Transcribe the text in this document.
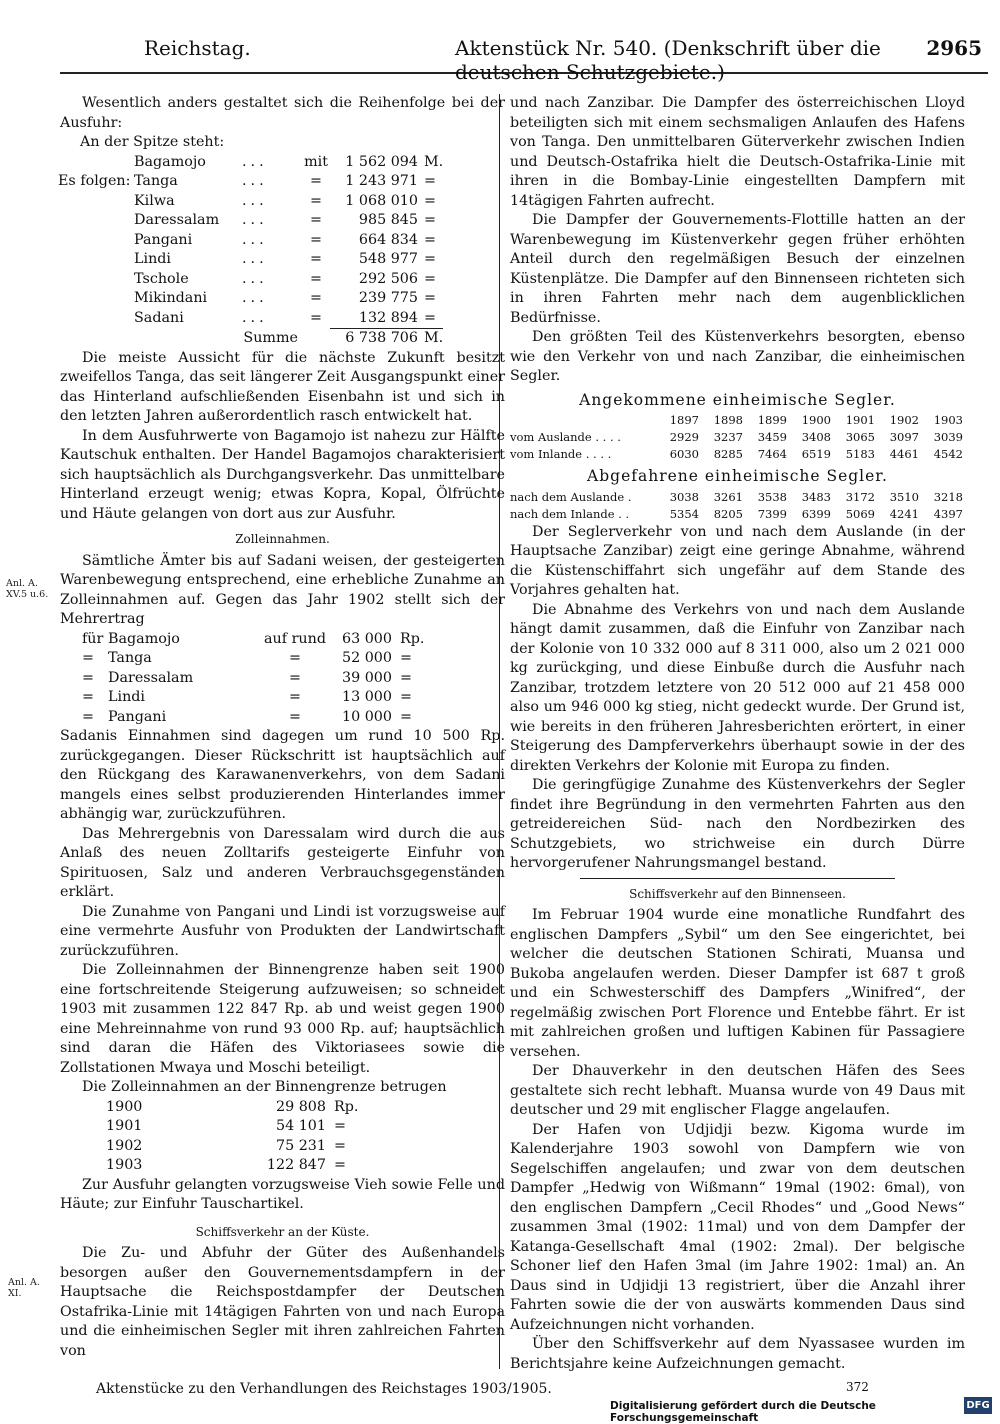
Reichstag.	Aktenstück Nr. 540. (Denkschrift über die deutschen Schutzgebiete.)
2965

Wesentlich anders gestaltet sich die Reihenfolge bei der Ausfuhr:

An der Spitze steht:
	Bagamojo	...	mit	1 562 094	M.
Es folgen:	Tanga	...	=	1 243 971	=
	Kilwa	...	=	1 068 010	=
	Daressalam	...	=	985 845	=
	Pangani	...	=	664 834	=
	Lindi	...	=	548 977	=
	Tschole	...	=	292 506	=
	Mikindani	...	=	239 775	=
	Sadani	...	=	132 894	=
Summe				6 738 706	M.

Die meiste Aussicht für die nächste Zukunft besitzt zweifellos Tanga, das seit längerer Zeit Ausgangspunkt einer das Hinterland aufschließenden Eisenbahn ist und sich in den letzten Jahren außerordentlich rasch entwickelt hat.

In dem Ausfuhrwerte von Bagamojo ist nahezu zur Hälfte Kautschuk enthalten. Der Handel Bagamojos charakterisiert sich hauptsächlich als Durchgangsverkehr. Das unmittelbare Hinterland erzeugt wenig; etwas Kopra, Kopal, Ölfrüchte und Häute gelangen von dort aus zur Ausfuhr.

Zolleinnahmen.

Sämtliche Ämter bis auf Sadani weisen, der gesteigerten Warenbewegung entsprechend, eine erhebliche Zunahme an Zolleinnahmen auf. Gegen das Jahr 1902 stellt sich der Mehrertrag

für	Bagamojo	auf rund	63 000	Rp.
=	Tanga	=	52 000	=
=	Daressalam	=	39 000	=
=	Lindi	=	13 000	=
=	Pangani	=	10 000	=

Sadanis Einnahmen sind dagegen um rund 10 500 Rp. zurückgegangen. Dieser Rückschritt ist hauptsächlich auf den Rückgang des Karawanenverkehrs, von dem Sadani mangels eines selbst produzierenden Hinterlandes immer abhängig war, zurückzuführen.

Das Mehrergebnis von Daressalam wird durch die aus Anlaß des neuen Zolltarifs gesteigerte Einfuhr von Spirituosen, Salz und anderen Verbrauchsgegenständen erklärt.

Die Zunahme von Pangani und Lindi ist vorzugsweise auf eine vermehrte Ausfuhr von Produkten der Landwirtschaft zurückzuführen.

Die Zolleinnahmen der Binnengrenze haben seit 1900 eine fortschreitende Steigerung aufzuweisen; so schneidet 1903 mit zusammen 122 847 Rp. ab und weist gegen 1900 eine Mehreinnahme von rund 93 000 Rp. auf; hauptsächlich sind daran die Häfen des Viktoriasees sowie die Zollstationen Mwaya und Moschi beteiligt.

Die Zolleinnahmen an der Binnengrenze betrugen

1900	29 808	Rp.
1901	54 101	=
1902	75 231	=
1903	122 847	=

Zur Ausfuhr gelangten vorzugsweise Vieh sowie Felle und Häute; zur Einfuhr Tauschartikel.

Schiffsverkehr an der Küste.

Die Zu- und Abfuhr der Güter des Außenhandels besorgen außer den Gouvernementsdampfern in der Hauptsache die Reichspostdampfer der Deutschen Ostafrika-Linie mit 14tägigen Fahrten von und nach Europa und die einheimischen Segler mit ihren zahlreichen Fahrten von

Anl. A. XV.5 u.6.
Anl. A. XI.

und nach Zanzibar. Die Dampfer des österreichischen Lloyd beteiligten sich mit einem sechsmaligen Anlaufen des Hafens von Tanga. Den unmittelbaren Güterverkehr zwischen Indien und Deutsch-Ostafrika hielt die Deutsch-Ostafrika-Linie mit ihren in die Bombay-Linie eingestellten Dampfern mit 14tägigen Fahrten aufrecht.

Die Dampfer der Gouvernements-Flottille hatten an der Warenbewegung im Küstenverkehr gegen früher erhöhten Anteil durch den regelmäßigen Besuch der einzelnen Küstenplätze. Die Dampfer auf den Binnenseen richteten sich in ihren Fahrten mehr nach dem augenblicklichen Bedürfnisse.

Den größten Teil des Küstenverkehrs besorgten, ebenso wie den Verkehr von und nach Zanzibar, die einheimischen Segler.

Angekommene einheimische Segler.
	1897	1898	1899	1900	1901	1902	1903
vom Auslande . . . .	2929	3237	3459	3408	3065	3097	3039
vom Inlande . . . .	6030	8285	7464	6519	5183	4461	4542
Abgefahrene einheimische Segler.
nach dem Auslande .	3038	3261	3538	3483	3172	3510	3218
nach dem Inlande . .	5354	8205	7399	6399	5069	4241	4397

Der Seglerverkehr von und nach dem Auslande (in der Hauptsache Zanzibar) zeigt eine geringe Abnahme, während die Küstenschiffahrt sich ungefähr auf dem Stande des Vorjahres gehalten hat.

Die Abnahme des Verkehrs von und nach dem Auslande hängt damit zusammen, daß die Einfuhr von Zanzibar nach der Kolonie von 10 332 000 auf 8 311 000, also um 2 021 000 kg zurückging, und diese Einbuße durch die Ausfuhr nach Zanzibar, trotzdem letztere von 20 512 000 auf 21 458 000 also um 946 000 kg stieg, nicht gedeckt wurde. Der Grund ist, wie bereits in den früheren Jahresberichten erörtert, in einer Steigerung des Dampferverkehrs überhaupt sowie in der des direkten Verkehrs der Kolonie mit Europa zu finden.

Die geringfügige Zunahme des Küstenverkehrs der Segler findet ihre Begründung in den vermehrten Fahrten aus den getreidereichen Süd- nach den Nordbezirken des Schutzgebiets, wo strichweise ein durch Dürre hervorgerufener Nahrungsmangel bestand.

Schiffsverkehr auf den Binnenseen.

Im Februar 1904 wurde eine monatliche Rundfahrt des englischen Dampfers „Sybil“ um den See eingerichtet, bei welcher die deutschen Stationen Schirati, Muansa und Bukoba angelaufen werden. Dieser Dampfer ist 687 t groß und ein Schwesterschiff des Dampfers „Winifred“, der regelmäßig zwischen Port Florence und Entebbe fährt. Er ist mit zahlreichen großen und luftigen Kabinen für Passagiere versehen.

Der Dhauverkehr in den deutschen Häfen des Sees gestaltete sich recht lebhaft. Muansa wurde von 49 Daus mit deutscher und 29 mit englischer Flagge angelaufen.

Der Hafen von Udjidji bezw. Kigoma wurde im Kalenderjahre 1903 sowohl von Dampfern wie von Segelschiffen angelaufen; und zwar von dem deutschen Dampfer „Hedwig von Wißmann“ 19mal (1902: 6mal), von den englischen Dampfern „Cecil Rhodes“ und „Good News“ zusammen 3mal (1902: 11mal) und von dem Dampfer der Katanga-Gesellschaft 4mal (1902: 2mal). Der belgische Schoner lief den Hafen 3mal (im Jahre 1902: 1mal) an. An Daus sind in Udjidji 13 registriert, über die Anzahl ihrer Fahrten sowie die der von auswärts kommenden Daus sind Aufzeichnungen nicht vorhanden.

Über den Schiffsverkehr auf dem Nyassasee wurden im Berichtsjahre keine Aufzeichnungen gemacht.

Aktenstücke zu den Verhandlungen des Reichstages 1903/1905.	372
Digitalisierung gefördert durch die Deutsche Forschungsgemeinschaft
DFG
